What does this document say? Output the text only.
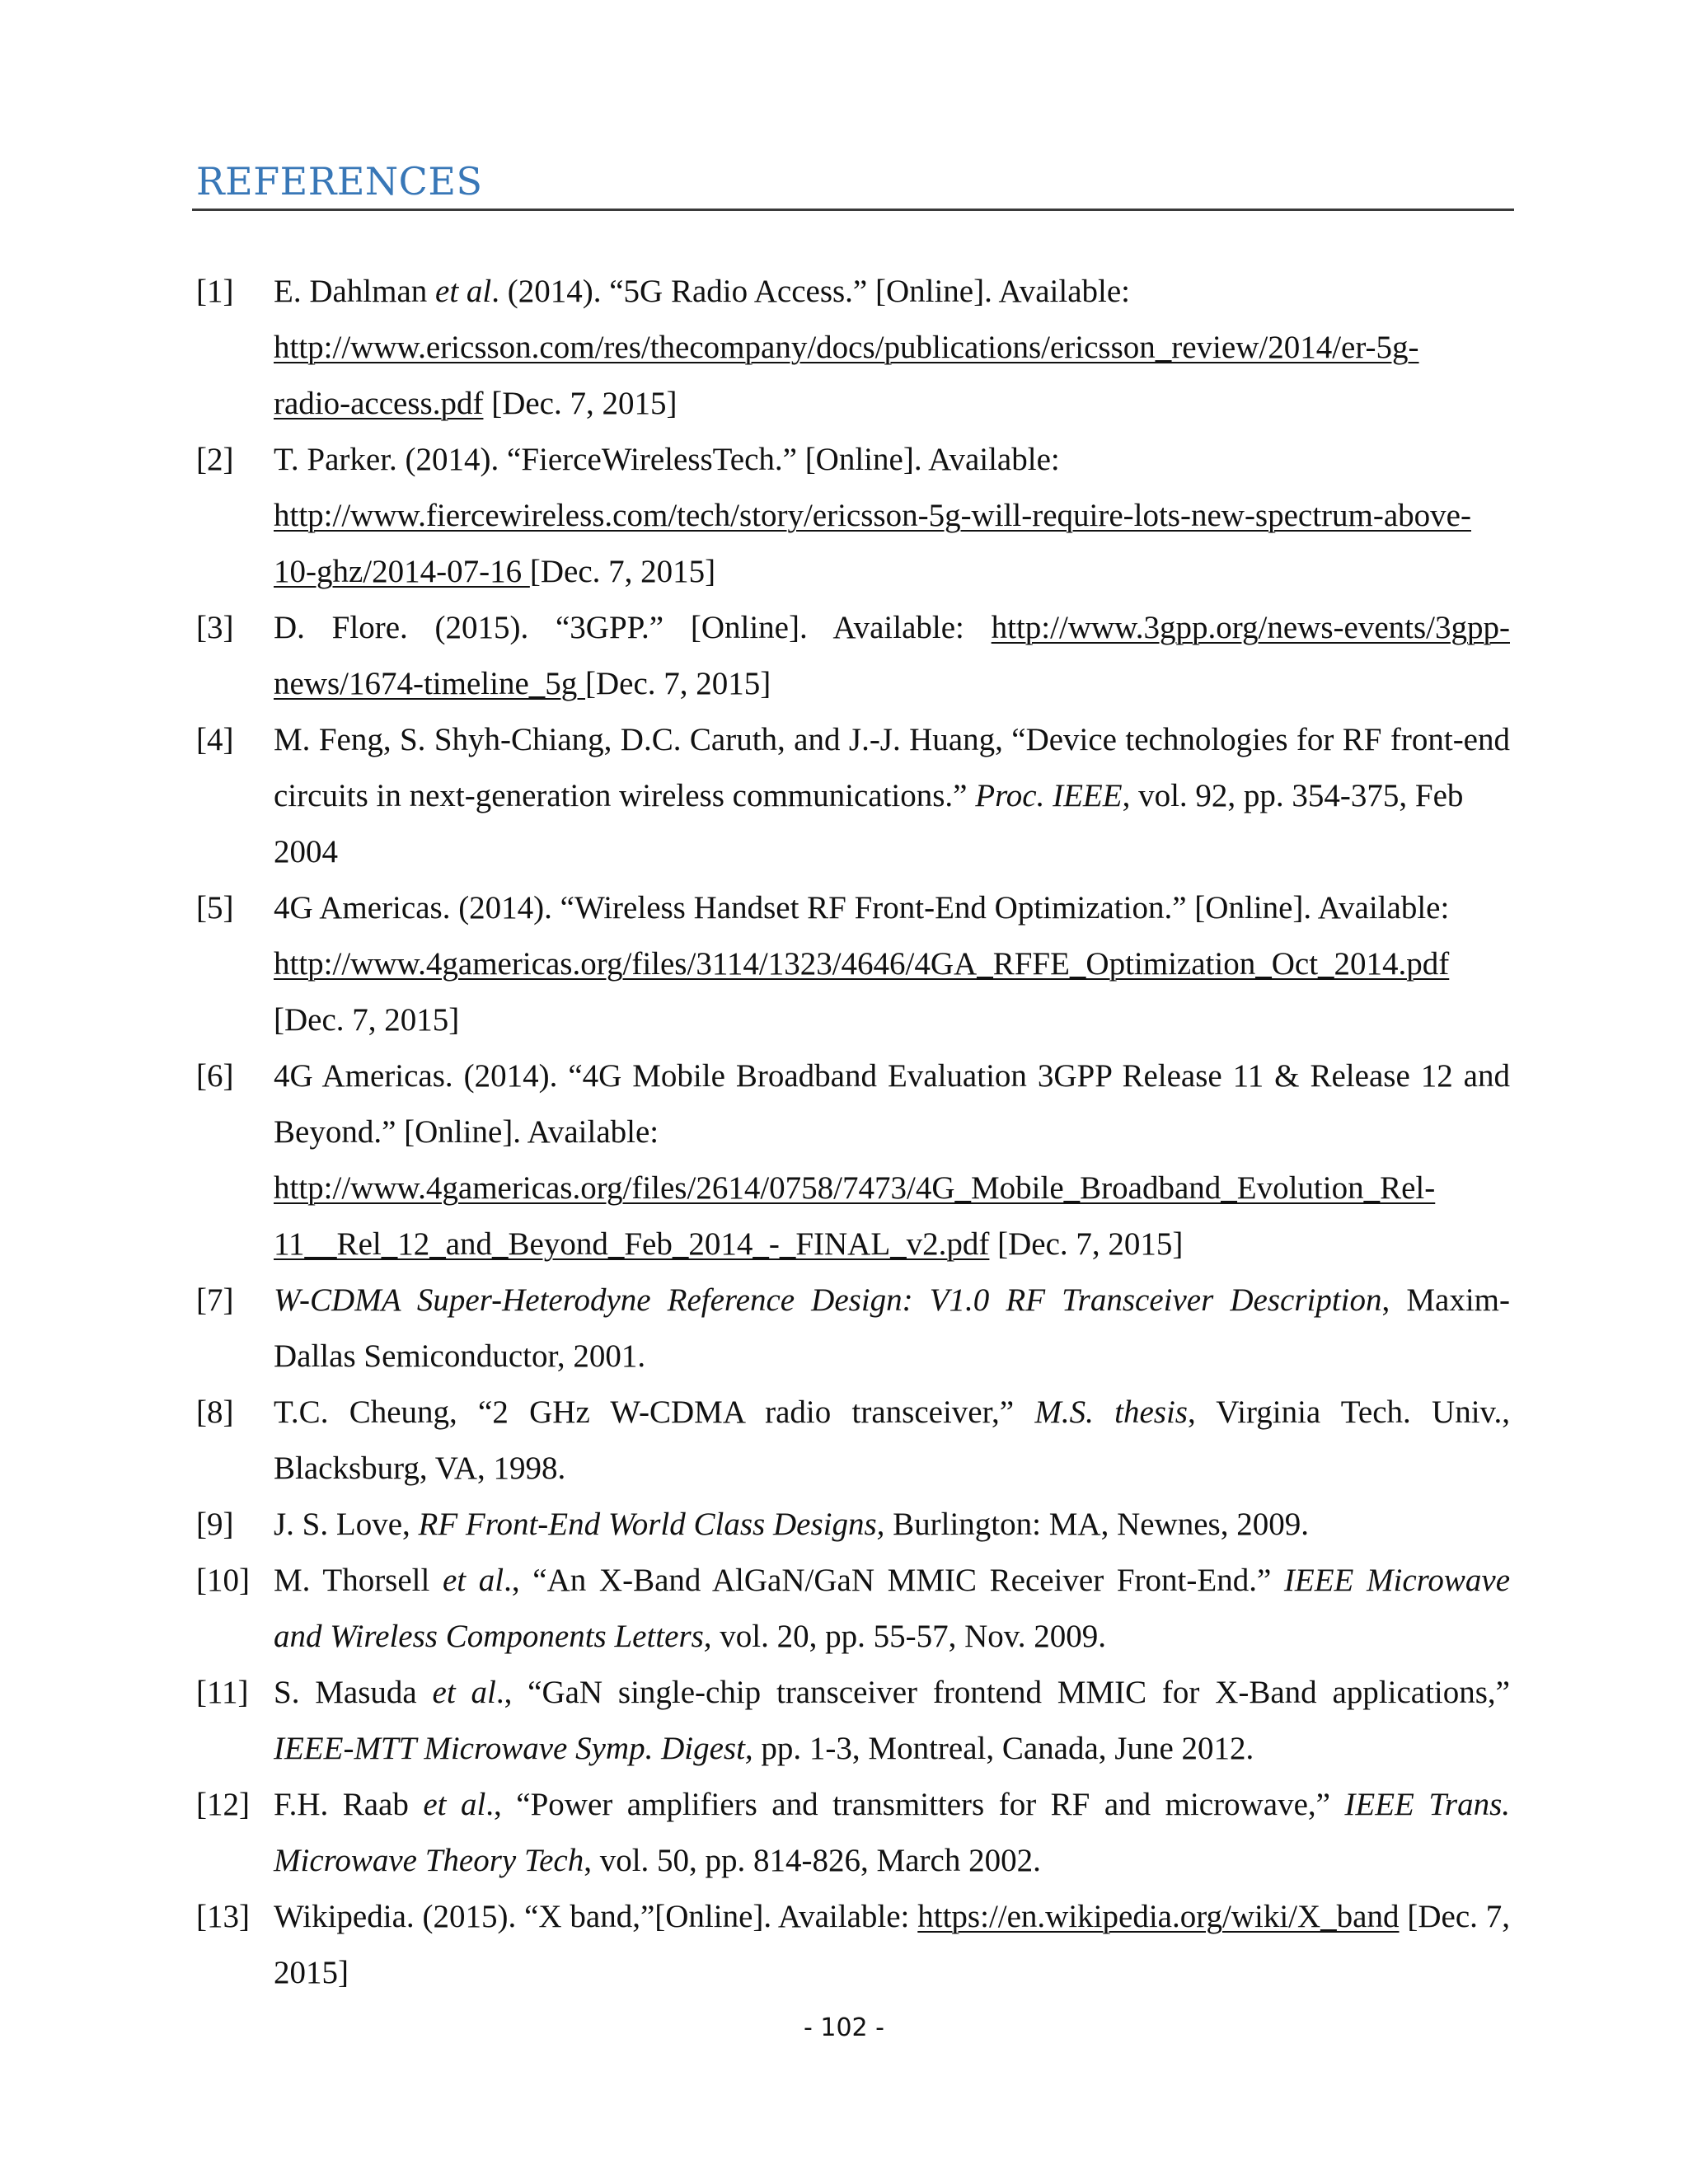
REFERENCES
[1] E. Dahlman et al. (2014). “5G Radio Access.” [Online]. Available:
http://www.ericsson.com/res/thecompany/docs/publications/ericsson_review/2014/er-5g-
radio-access.pdf [Dec. 7, 2015]
[2] T. Parker. (2014). “FierceWirelessTech.” [Online]. Available:
http://www.fiercewireless.com/tech/story/ericsson-5g-will-require-lots-new-spectrum-above-
10-ghz/2014-07-16 [Dec. 7, 2015]
[3] D. Flore. (2015). “3GPP.” [Online]. Available: http://www.3gpp.org/news-events/3gpp-
news/1674-timeline_5g [Dec. 7, 2015]
[4] M. Feng, S. Shyh-Chiang, D.C. Caruth, and J.-J. Huang, “Device technologies for RF front-end circuits in next-generation wireless communications.” Proc. IEEE, vol. 92, pp. 354-375, Feb
2004
[5] 4G Americas. (2014). “Wireless Handset RF Front-End Optimization.” [Online]. Available:
http://www.4gamericas.org/files/3114/1323/4646/4GA_RFFE_Optimization_Oct_2014.pdf
[Dec. 7, 2015]
[6] 4G Americas. (2014). “4G Mobile Broadband Evaluation 3GPP Release 11 & Release 12 and Beyond.” [Online]. Available:
http://www.4gamericas.org/files/2614/0758/7473/4G_Mobile_Broadband_Evolution_Rel-
11__Rel_12_and_Beyond_Feb_2014_-_FINAL_v2.pdf [Dec. 7, 2015]
[7] W-CDMA Super-Heterodyne Reference Design: V1.0 RF Transceiver Description, Maxim-Dallas Semiconductor, 2001.
[8] T.C. Cheung, “2 GHz W-CDMA radio transceiver,” M.S. thesis, Virginia Tech. Univ., Blacksburg, VA, 1998.
[9] J. S. Love, RF Front-End World Class Designs, Burlington: MA, Newnes, 2009.
[10] M. Thorsell et al., “An X-Band AlGaN/GaN MMIC Receiver Front-End.” IEEE Microwave and Wireless Components Letters, vol. 20, pp. 55-57, Nov. 2009.
[11] S. Masuda et al., “GaN single-chip transceiver frontend MMIC for X-Band applications,” IEEE-MTT Microwave Symp. Digest, pp. 1-3, Montreal, Canada, June 2012.
[12] F.H. Raab et al., “Power amplifiers and transmitters for RF and microwave,” IEEE Trans. Microwave Theory Tech, vol. 50, pp. 814-826, March 2002.
[13] Wikipedia. (2015). “X band,”[Online]. Available: https://en.wikipedia.org/wiki/X_band [Dec. 7, 2015]
- 102 -
